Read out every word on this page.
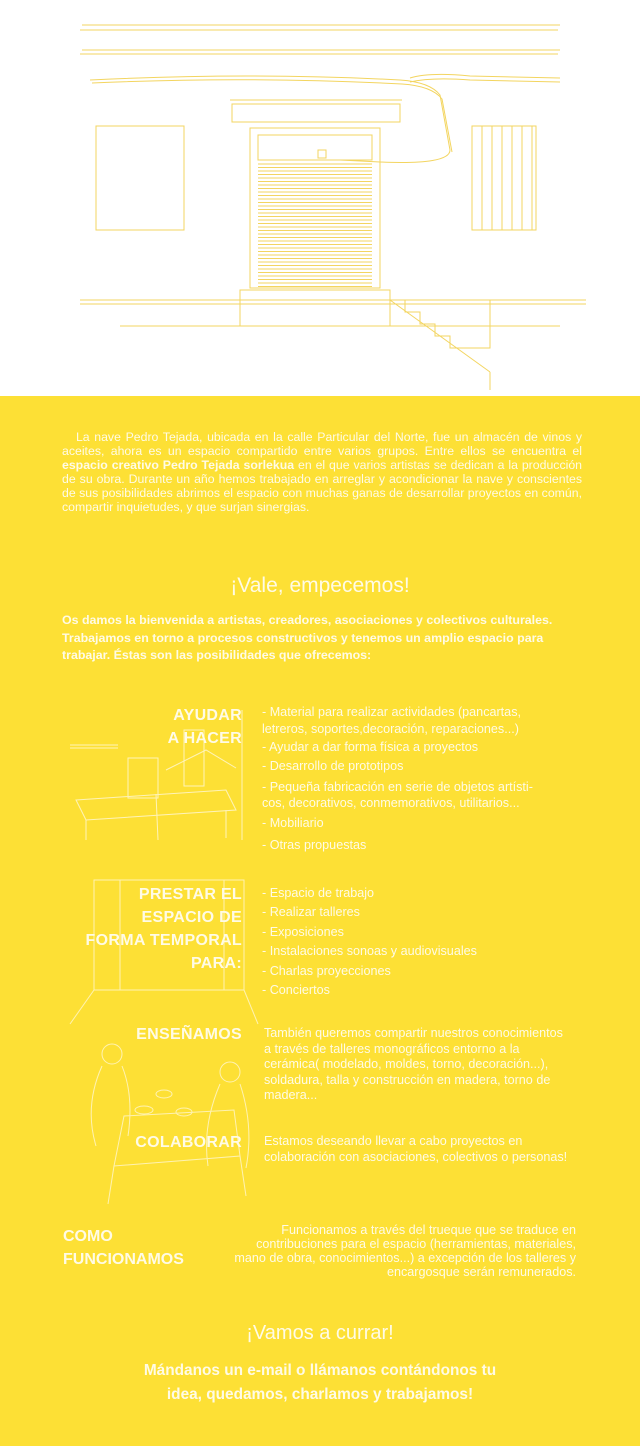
La nave Pedro Tejada, ubicada en la calle Particular del Norte, fue un almacén de vinos y aceites, ahora es un espacio compartido entre varios grupos. Entre ellos se encuentra el espacio creativo Pedro Tejada sorlekua en el que varios artistas se dedican a la producción de su obra. Durante un año hemos trabajado en arreglar y acondicionar la nave y conscientes de sus posibilidades abrimos el espacio con muchas ganas de desarrollar proyectos en común, compartir inquietudes, y que surjan sinergias.
¡Vale, empecemos!
Os damos la bienvenida a artistas, creadores, asociaciones y colectivos culturales. Trabajamos en torno a procesos constructivos y tenemos un amplio espacio para trabajar. Éstas son las posibilidades que ofrecemos:
AYUDAR
A HACER
- Material para realizar actividades (pancartas,
letreros, soportes,decoración, reparaciones...)
- Ayudar a dar forma física a proyectos
- Desarrollo de prototipos
- Pequeña fabricación en serie de objetos artísti-
cos, decorativos, conmemorativos, utilitarios...
- Mobiliario
- Otras propuestas
PRESTAR EL
ESPACIO DE
FORMA TEMPORAL
PARA:
- Espacio de trabajo
- Realizar talleres
- Exposiciones
- Instalaciones sonoas y audiovisuales
- Charlas proyecciones
- Conciertos
ENSEÑAMOS También queremos compartir nuestros conocimientos a través de talleres monográficos entorno a la cerámica( modelado, moldes, torno, decoración...), soldadura, talla y construcción en madera, torno de madera...
COLABORAR Estamos deseando llevar a cabo proyectos en colaboración con asociaciones, colectivos o personas!
COMO
FUNCIONAMOS
Funcionamos a través del trueque que se traduce en contribuciones para el espacio (herramientas, materiales, mano de obra, conocimientos...) a excepción de los talleres y encargosque serán remunerados.
¡Vamos a currar!
Mándanos un e-mail o llámanos contándonos tu
idea, quedamos, charlamos y trabajamos!
